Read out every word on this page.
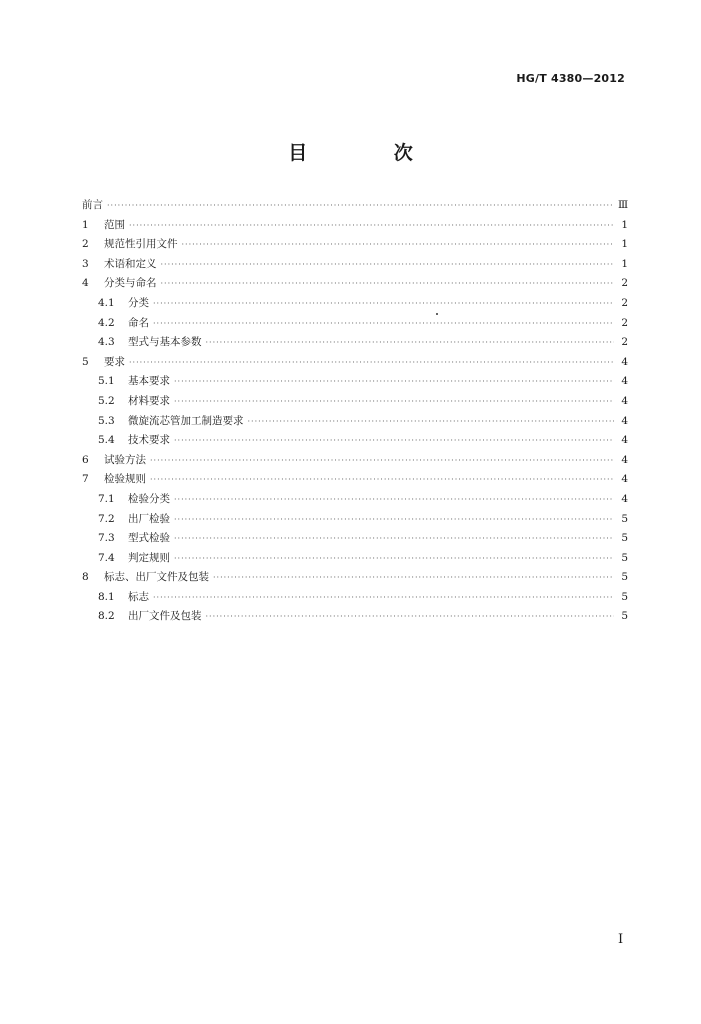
HG/T 4380—2012
目 次
前言 ·····	Ⅲ
1	范围 ·····	1
2	规范性引用文件 ·····	1
3	术语和定义 ·····	1
4	分类与命名 ·····	2
4.1	分类 ·····	2
4.2	命名 ·····	2
4.3	型式与基本参数 ·····	2
5	要求 ·····	4
5.1	基本要求 ·····	4
5.2	材料要求 ·····	4
5.3	微旋流芯管加工制造要求 ·····	4
5.4	技术要求 ·····	4
6	试验方法 ·····	4
7	检验规则 ·····	4
7.1	检验分类 ·····	4
7.2	出厂检验 ·····	5
7.3	型式检验 ·····	5
7.4	判定规则 ·····	5
8	标志、出厂文件及包装 ·····	5
8.1	标志 ·····	5
8.2	出厂文件及包装 ·····	5
I
